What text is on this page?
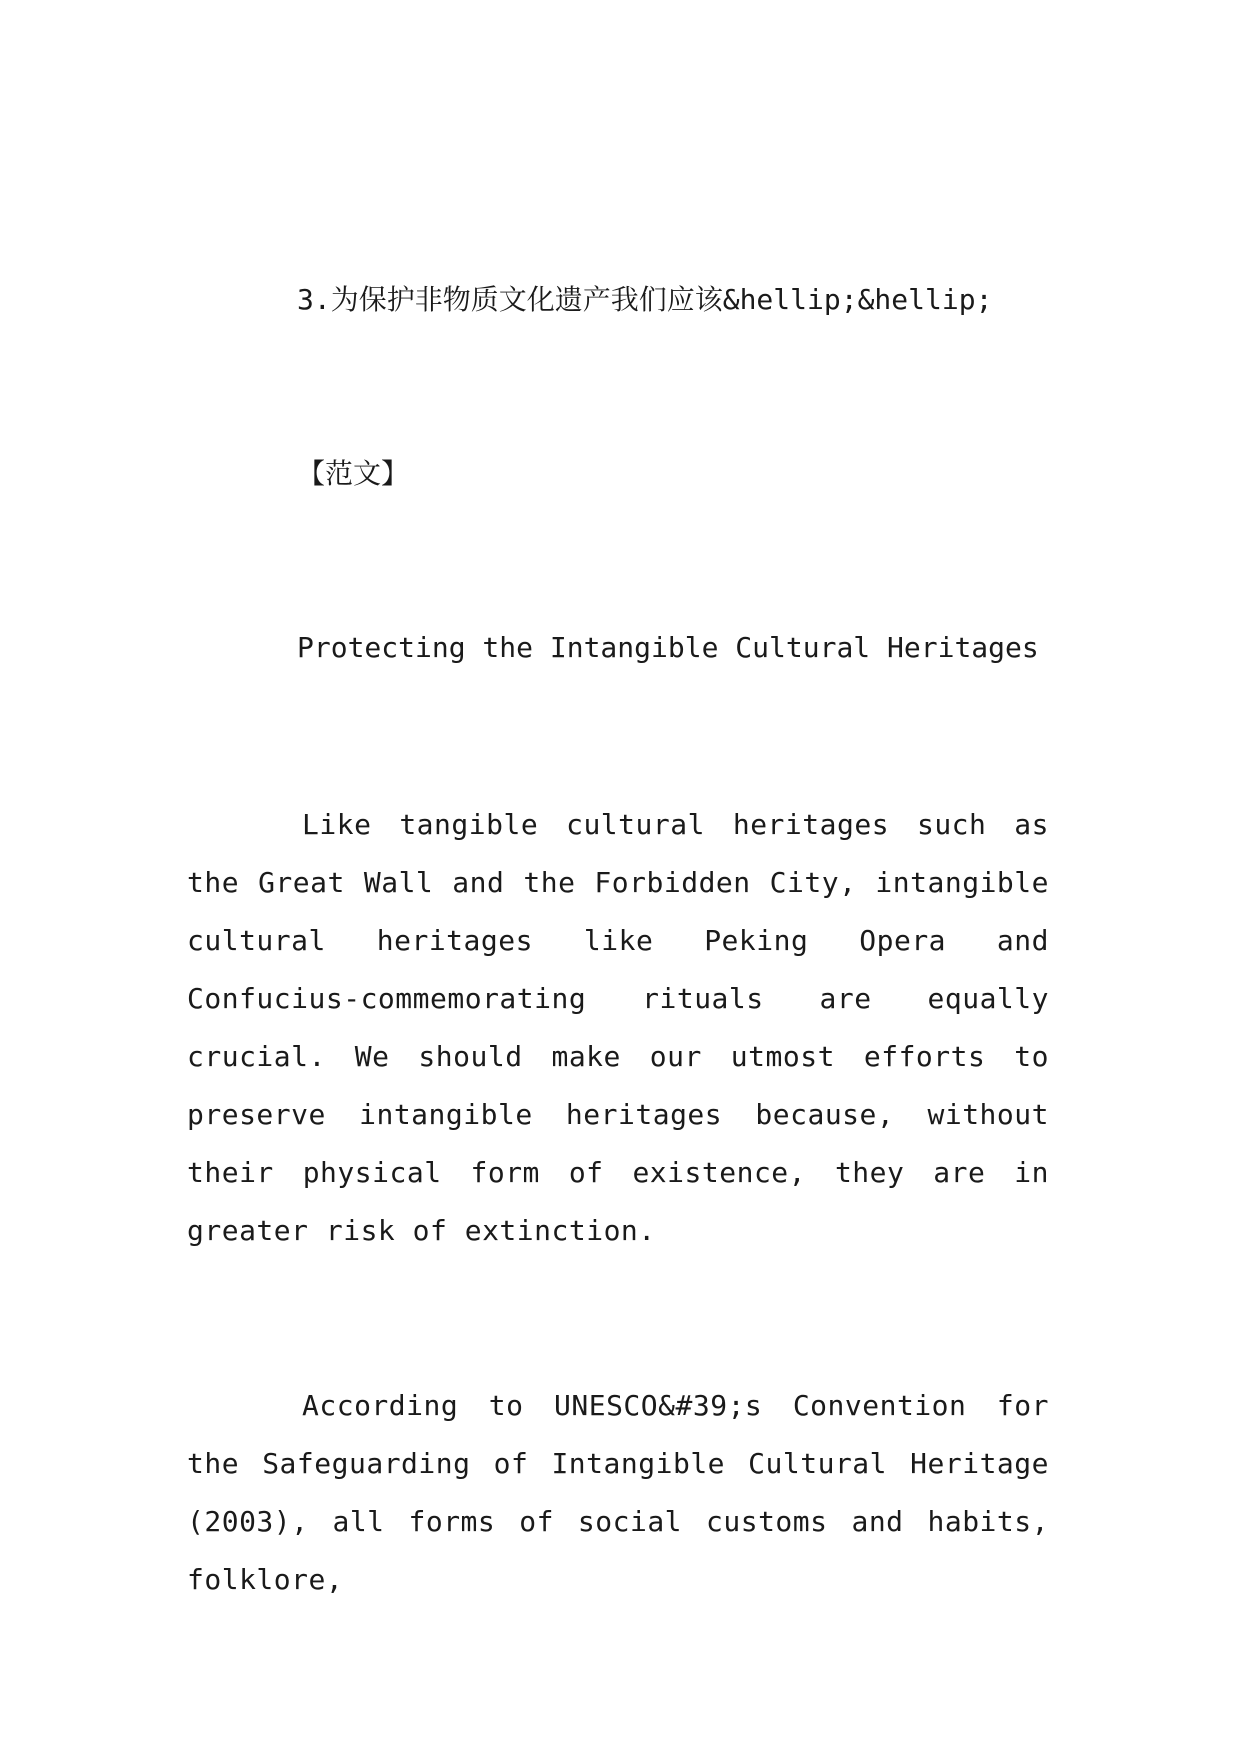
3.为保护非物质文化遗产我们应该&hellip;&hellip;

【范文】

Protecting the Intangible Cultural Heritages

Like tangible cultural heritages such as the Great Wall and the Forbidden City, intangible cultural heritages like Peking Opera and Confucius-commemorating rituals are equally crucial. We should make our utmost efforts to preserve intangible heritages because, without their physical form of existence, they are in greater risk of extinction.

According to UNESCO&#39;s Convention for the Safeguarding of Intangible Cultural Heritage (2003), all forms of social customs and habits, folklore,
